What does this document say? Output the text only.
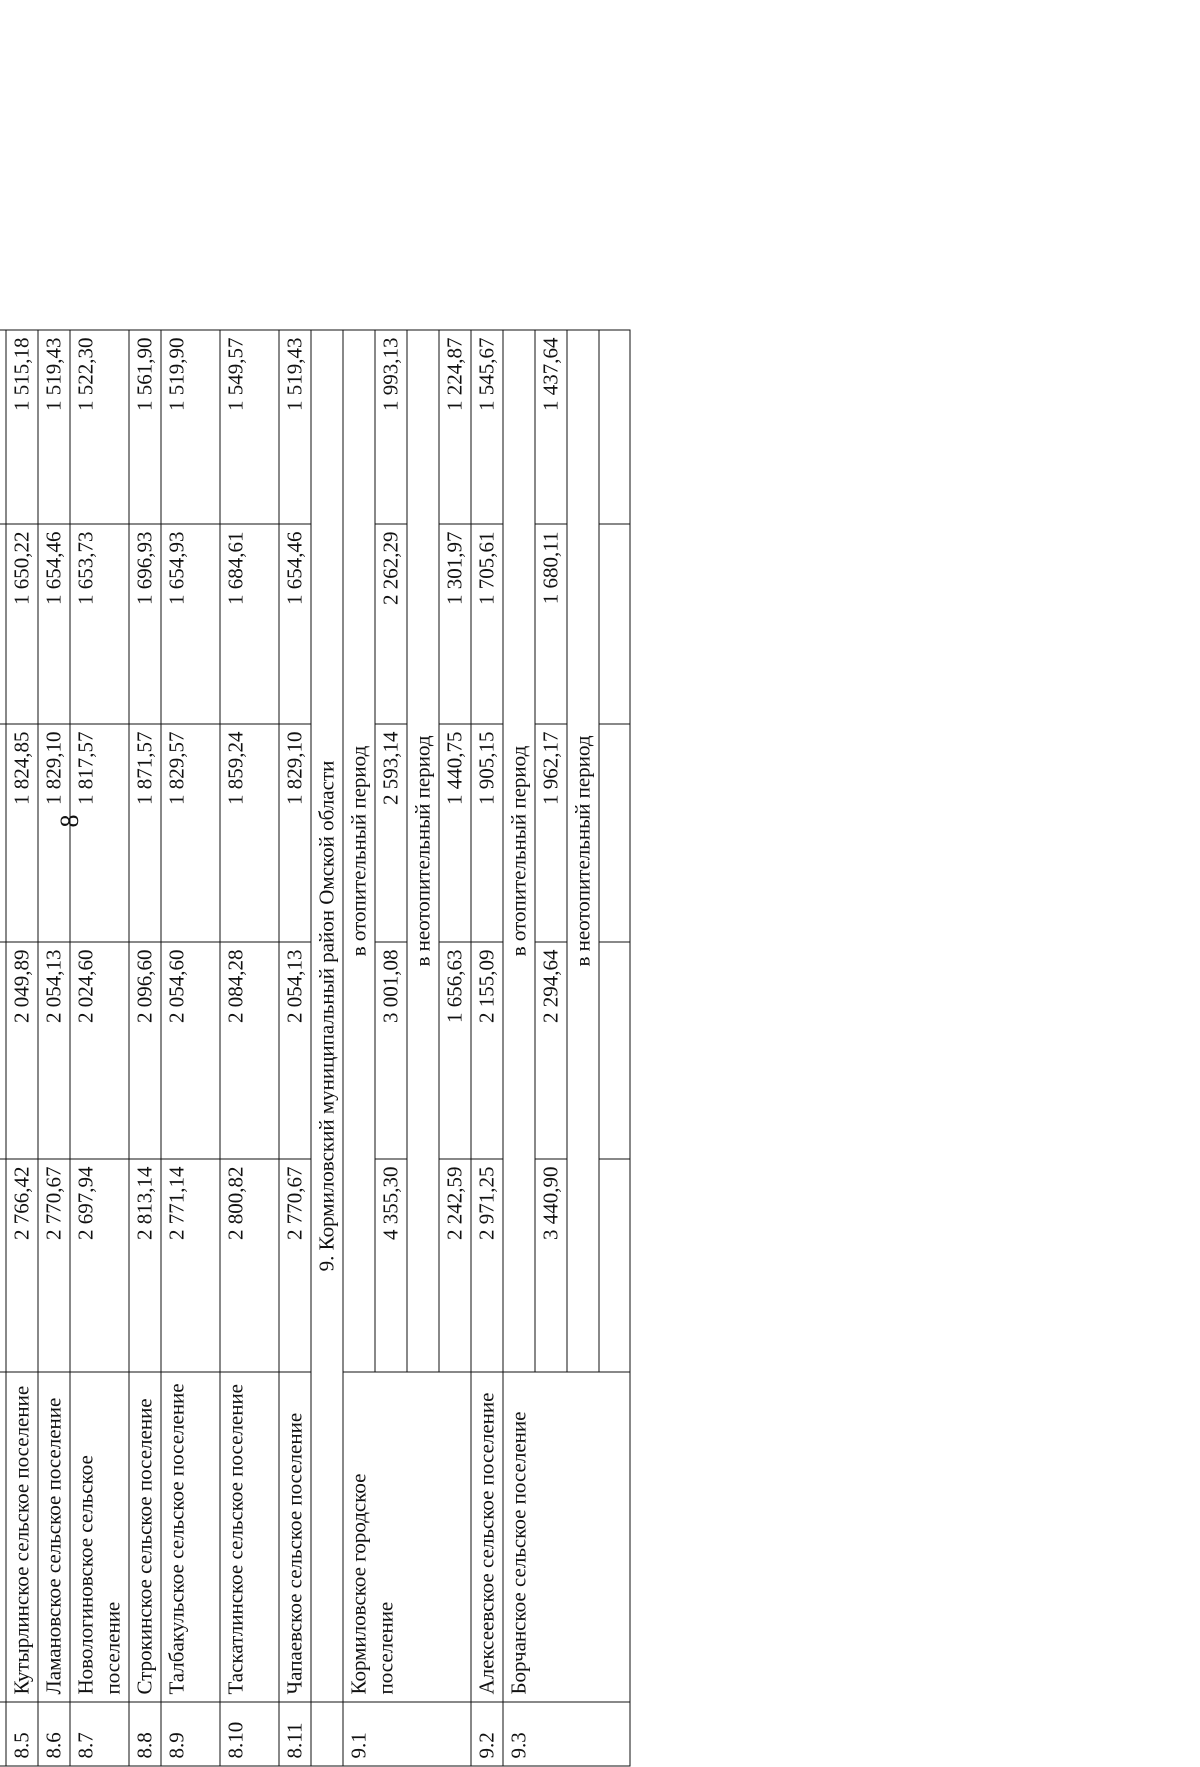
8

8.5	Кутырлинское сельское поселение	2 766,42	2 049,89	1 824,85	1 650,22	1 515,18
8.6	Ламановское сельское поселение	2 770,67	2 054,13	1 829,10	1 654,46	1 519,43
8.7	Новологиновское сельское поселение	2 697,94	2 024,60	1 817,57	1 653,73	1 522,30
8.8	Строкинское сельское поселение	2 813,14	2 096,60	1 871,57	1 696,93	1 561,90
8.9	Талбакульское сельское поселение	2 771,14	2 054,60	1 829,57	1 654,93	1 519,90
8.10	Таскатлинское сельское поселение	2 800,82	2 084,28	1 859,24	1 684,61	1 549,57
8.11	Чапаевское сельское поселение	2 770,67	2 054,13	1 829,10	1 654,46	1 519,43
	9. Кормиловский муниципальный район Омской области					
9.1	Кормиловское городское поселение	в отопительный период				
		4 355,30	3 001,08	2 593,14	2 262,29	1 993,13
		в неотопительный период				
		2 242,59	1 656,63	1 440,75	1 301,97	1 224,87
9.2	Алексеевское сельское поселение	2 971,25	2 155,09	1 905,15	1 705,61	1 545,67
9.3	Борчанское сельское поселение	в отопительный период				
		3 440,90	2 294,64	1 962,17	1 680,11	1 437,64
		в неотопительный период				
